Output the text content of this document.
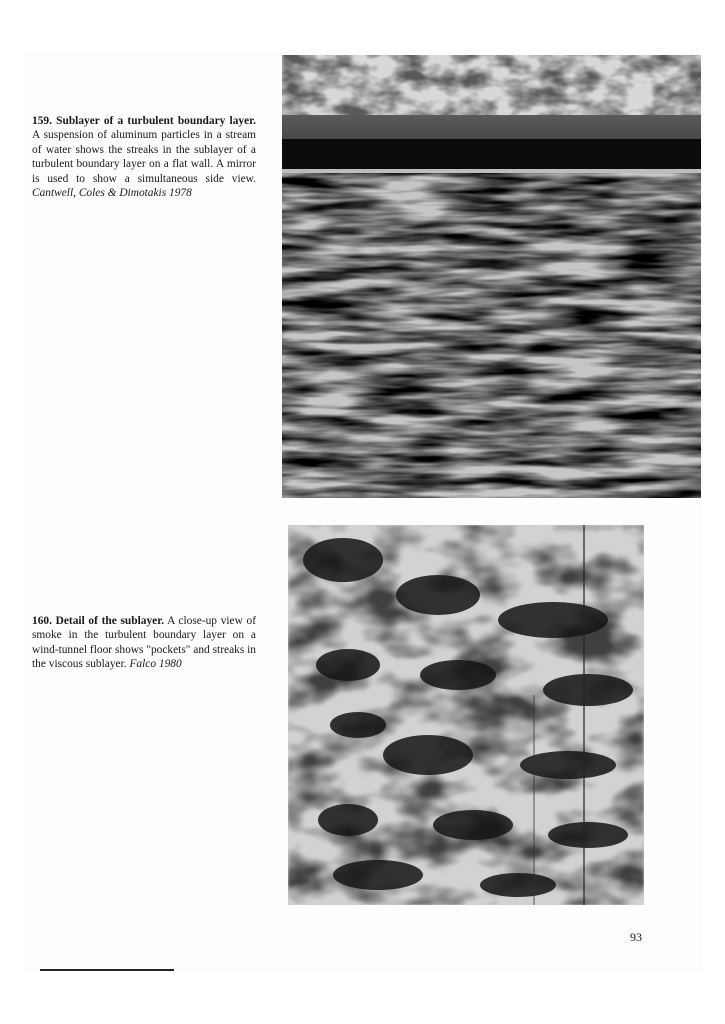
159. Sublayer of a turbulent boundary layer. A suspension of aluminum particles in a stream of water shows the streaks in the sublayer of a turbulent boundary layer on a flat wall. A mirror is used to show a simultaneous side view. Cantwell, Coles & Dimotakis 1978
160. Detail of the sublayer. A close-up view of smoke in the turbulent boundary layer on a wind-tunnel floor shows "pockets" and streaks in the viscous sublayer. Falco 1980
93
